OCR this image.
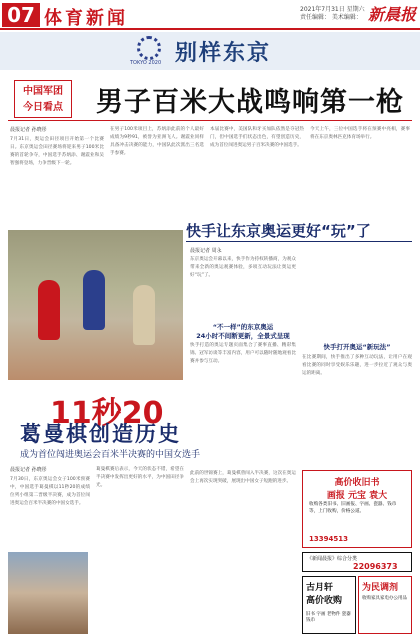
07 体育新闻	2021年7月31日 星期六
责任编辑： 美术编辑： 新晨报
TOKYO 2020 别样东京
中国军团
今日看点 男子百米大战鸣响第一枪
晨报记者 孙晓彤
7月31日，奥运会田径项目开始第一个比赛日。东京奥运会田径赛场将迎来男子100米比赛的首轮争夺，中国选手苏炳添、谢震业和吴智强将登场，力争晋级下一轮。
在男子100米项目上，苏炳添此前的个人最好成绩为9秒91，被誉为亚洲飞人。谢震业同样具备冲击决赛的能力，中国队此次派出三名选手参赛。
本届比赛中，美国队和牙买加队依然是夺冠热门，但中国选手们状态出色，有望创造历史，成为首位闯进奥运男子百米决赛的中国选手。
今天上午，三位中国选手将在预赛中亮相，赛事将在东京奥林匹克体育场举行。
快手让东京奥运更好“玩”了
晨报记者 周永
东京奥运会开幕以来，快手作为持权转播商，为观众带来全新的奥运观赛体验，多项互动玩法让奥运更好“玩”了。
“不一样”的东京奥运
24小时不间断更新，全景式呈现
快手打造的奥运专题页面集合了赛事直播、精彩集锦、冠军访谈等丰富内容，用户可以随时随地观看比赛并参与互动。
快手打开奥运“新玩法”
在比赛期间，快手推出了多种互动玩法，让用户在观看比赛的同时享受娱乐乐趣，进一步拉近了观众与奥运的距离。
11秒20
葛曼棋创造历史
成为首位闯进奥运会百米半决赛的中国女选手
晨报记者 孙晓彤
7月30日，东京奥运会女子100米预赛中，中国选手葛曼棋以11秒20的成绩位列小组第二晋级半决赛，成为首位闯进奥运会百米半决赛的中国女选手。
葛曼棋赛后表示，今天的状态不错，希望在半决赛中发挥出更好的水平，为中国田径争光。
此前的世锦赛上，葛曼棋曾闯入半决赛，这次在奥运会上再次实现突破，展现出中国女子短跑的进步。	高价收旧书
画报 元宝 袁大
收购各类旧书、旧画报、字画、瓷器、钱币等，上门收购，价格公道。
13394513
《新闻晨报》综合分类
22096373
古月轩
高价收购
旧书 字画 老物件 瓷器 钱币
为民调剂
收购家具家电办公用品
